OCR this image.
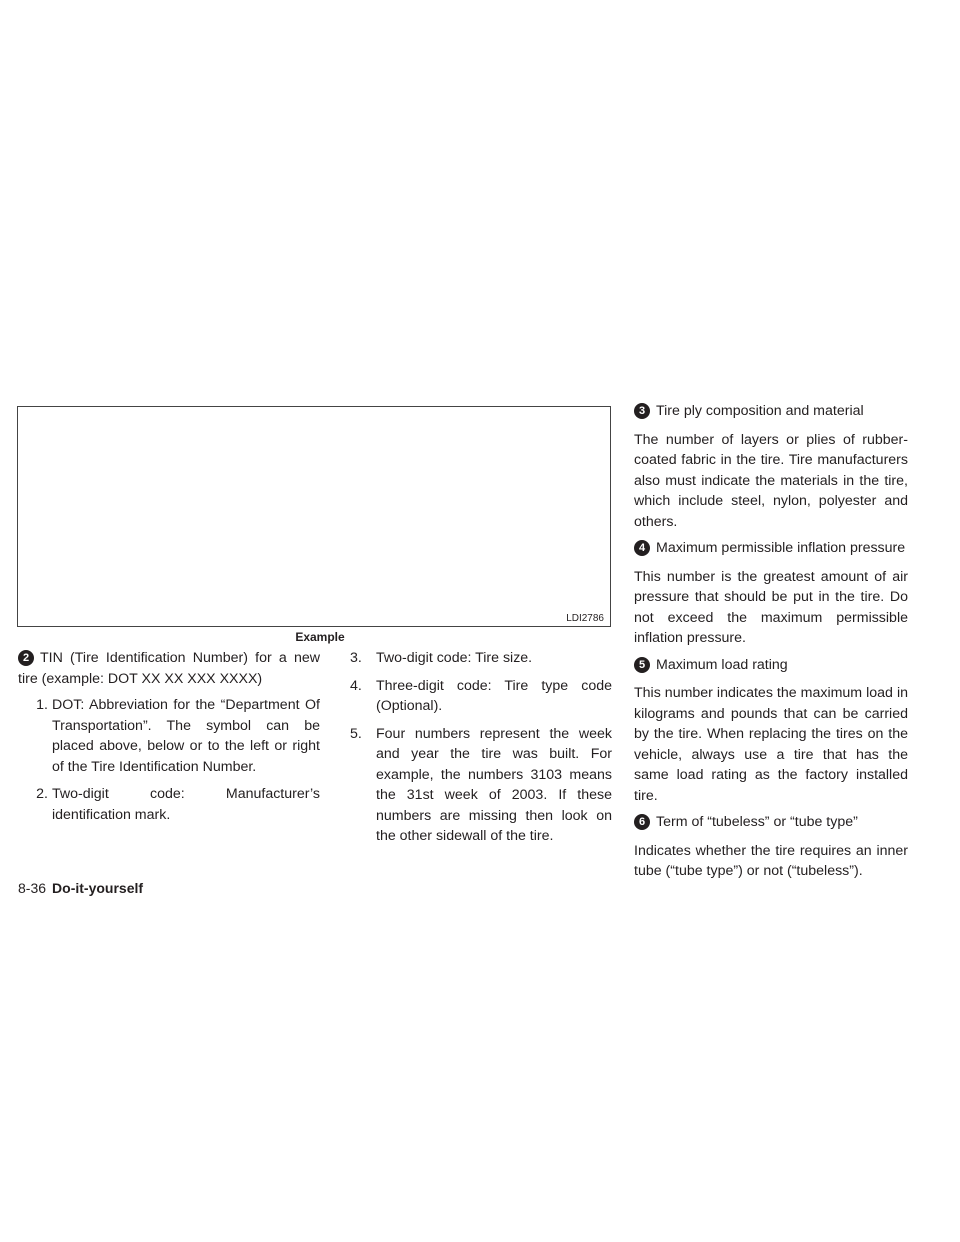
LDI2786
Example

2 TIN (Tire Identification Number) for a new tire (example: DOT XX XX XXX XXXX)

1. DOT: Abbreviation for the “Department Of Transportation”. The symbol can be placed above, below or to the left or right of the Tire Identification Number.
2. Two-digit code: Manufacturer’s identification mark.
3. Two-digit code: Tire size.
4. Three-digit code: Tire type code (Optional).
5. Four numbers represent the week and year the tire was built. For example, the numbers 3103 means the 31st week of 2003. If these numbers are missing then look on the other sidewall of the tire.

3 Tire ply composition and material

The number of layers or plies of rubber-coated fabric in the tire. Tire manufacturers also must indicate the materials in the tire, which include steel, nylon, polyester and others.

4 Maximum permissible inflation pressure

This number is the greatest amount of air pressure that should be put in the tire. Do not exceed the maximum permissible inflation pressure.

5 Maximum load rating

This number indicates the maximum load in kilograms and pounds that can be carried by the tire. When replacing the tires on the vehicle, always use a tire that has the same load rating as the factory installed tire.

6 Term of “tubeless” or “tube type”

Indicates whether the tire requires an inner tube (“tube type”) or not (“tubeless”).

8-36 Do-it-yourself
